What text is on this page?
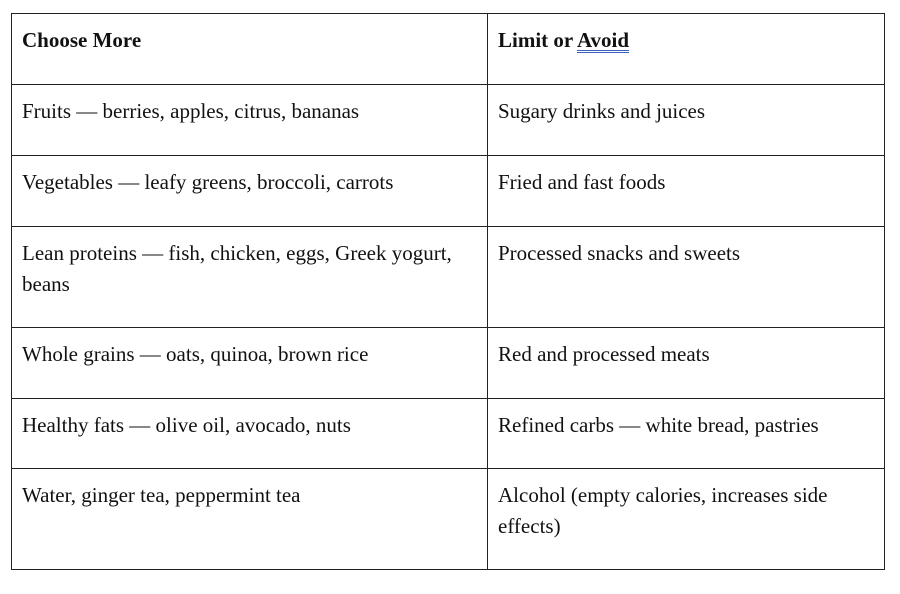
Choose More	Limit or Avoid
Fruits — berries, apples, citrus, bananas	Sugary drinks and juices
Vegetables — leafy greens, broccoli, carrots	Fried and fast foods
Lean proteins — fish, chicken, eggs, Greek yogurt, beans	Processed snacks and sweets
Whole grains — oats, quinoa, brown rice	Red and processed meats
Healthy fats — olive oil, avocado, nuts	Refined carbs — white bread, pastries
Water, ginger tea, peppermint tea	Alcohol (empty calories, increases side effects)
